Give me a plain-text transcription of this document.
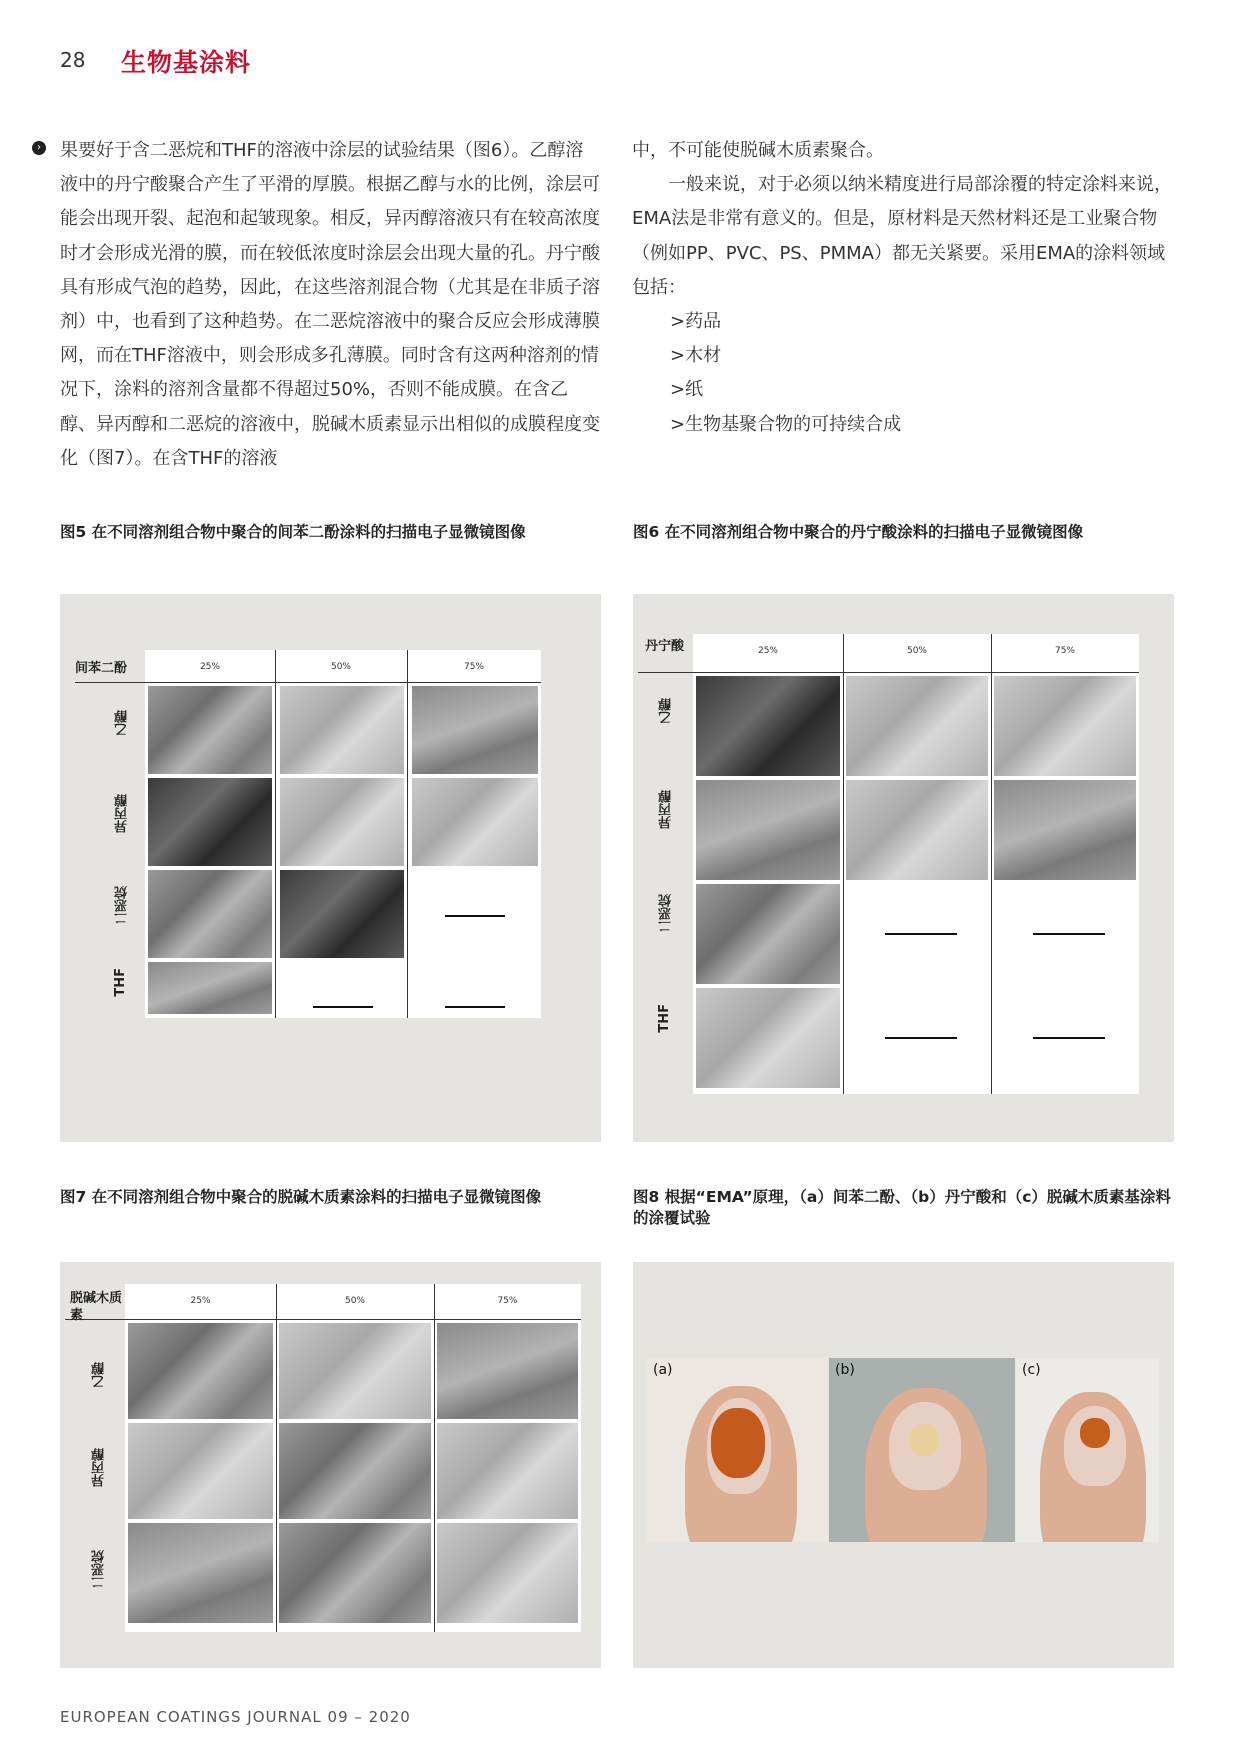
28 生物基涂料
› 果要好于含二恶烷和THF的溶液中涂层的试验结果（图6）。乙醇溶液中的丹宁酸聚合产生了平滑的厚膜。根据乙醇与水的比例，涂层可能会出现开裂、起泡和起皱现象。相反，异丙醇溶液只有在较高浓度时才会形成光滑的膜，而在较低浓度时涂层会出现大量的孔。丹宁酸具有形成气泡的趋势，因此，在这些溶剂混合物（尤其是在非质子溶剂）中，也看到了这种趋势。在二恶烷溶液中的聚合反应会形成薄膜网，而在THF溶液中，则会形成多孔薄膜。同时含有这两种溶剂的情况下，涂料的溶剂含量都不得超过50%，否则不能成膜。在含乙醇、异丙醇和二恶烷的溶液中，脱碱木质素显示出相似的成膜程度变化（图7）。在含THF的溶液

中，不可能使脱碱木质素聚合。

一般来说，对于必须以纳米精度进行局部涂覆的特定涂料来说，EMA法是非常有意义的。但是，原材料是天然材料还是工业聚合物（例如PP、PVC、PS、PMMA）都无关紧要。采用EMA的涂料领域包括：

>药品

>木材

>纸

>生物基聚合物的可持续合成

图5 在不同溶剂组合物中聚合的间苯二酚涂料的扫描电子显微镜图像	图6 在不同溶剂组合物中聚合的丹宁酸涂料的扫描电子显微镜图像
图7 在不同溶剂组合物中聚合的脱碱木质素涂料的扫描电子显微镜图像	图8 根据“EMA”原理，（a）间苯二酚、（b）丹宁酸和（c）脱碱木质素基涂料的涂覆试验
25%	50%	75%
间苯二酚
乙醇
异丙醇
二恶烷
THF
25%	50%	75%
丹宁酸
乙醇
异丙醇
二恶烷
THF
25%	50%	75%
脱碱木质素
乙醇
异丙醇
二恶烷
(a)	(b)	(c)
EUROPEAN COATINGS JOURNAL 09 – 2020
